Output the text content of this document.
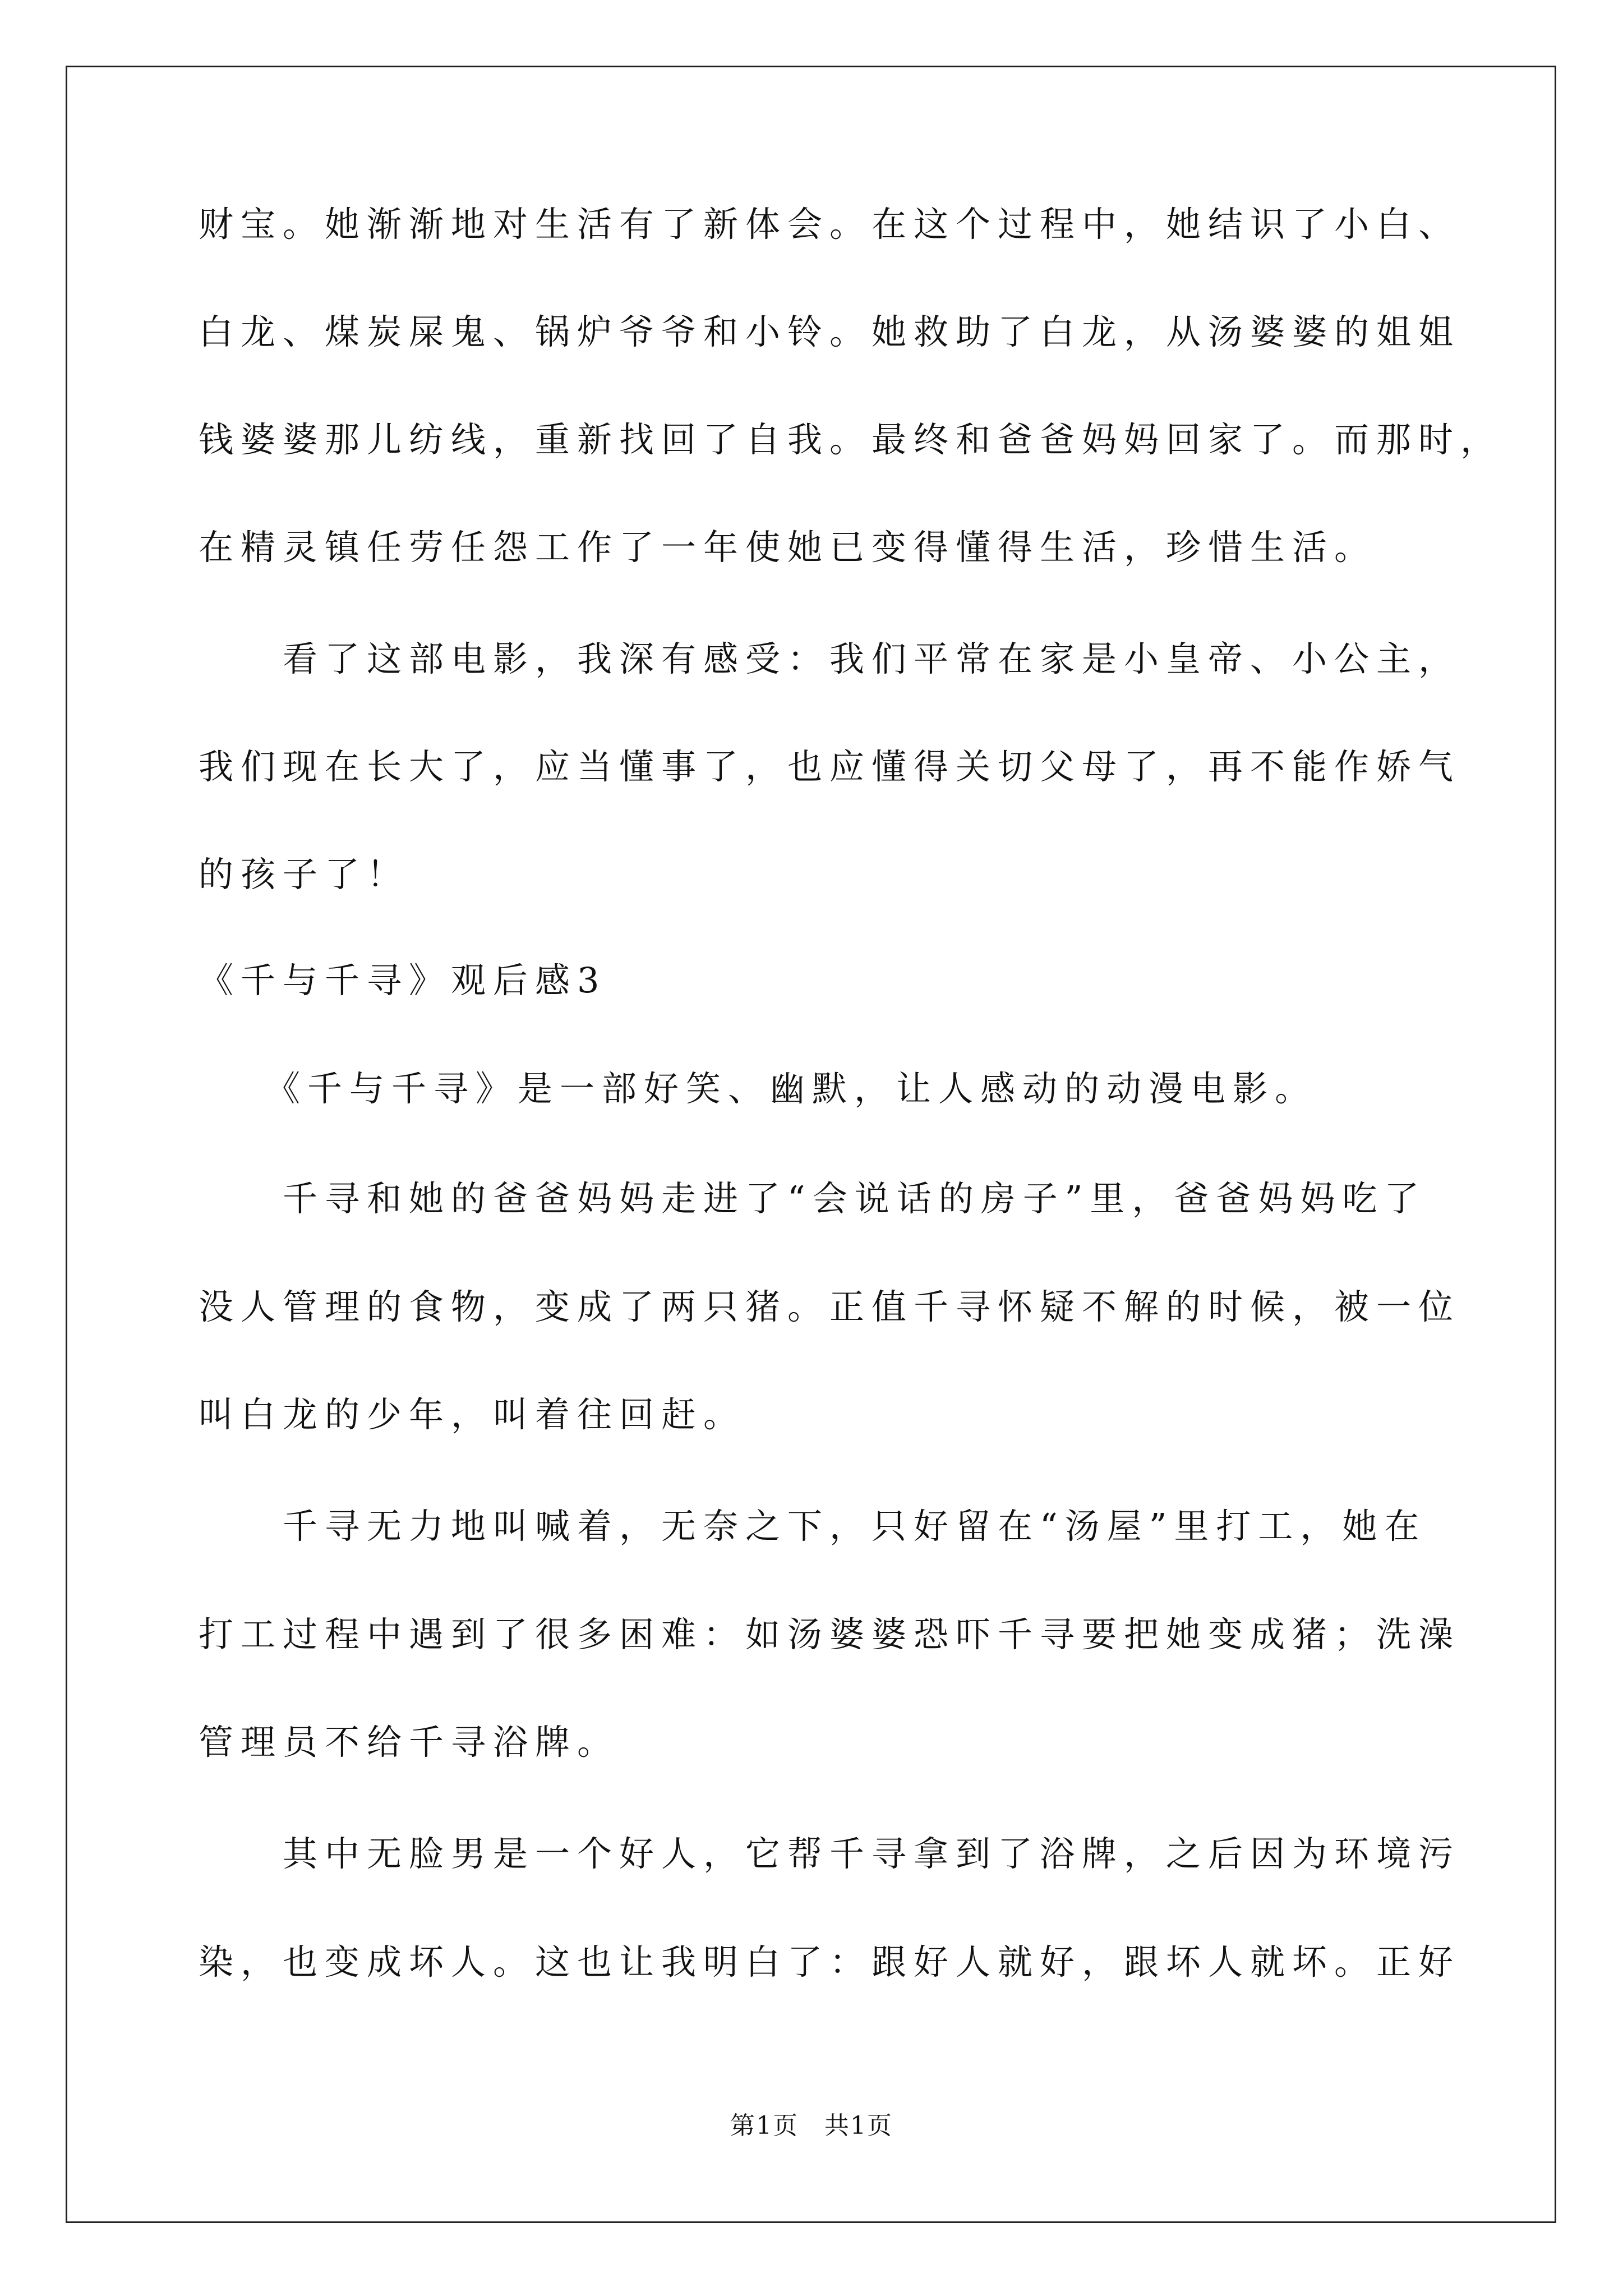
财宝。她渐渐地对生活有了新体会。在这个过程中，她结识了小白、
白龙、煤炭屎鬼、锅炉爷爷和小铃。她救助了白龙，从汤婆婆的姐姐
钱婆婆那儿纺线，重新找回了自我。最终和爸爸妈妈回家了。而那时，
在精灵镇任劳任怨工作了一年使她已变得懂得生活，珍惜生活。
　　看了这部电影，我深有感受：我们平常在家是小皇帝、小公主，
我们现在长大了，应当懂事了，也应懂得关切父母了，再不能作娇气
的孩子了！
《千与千寻》观后感3
　　《千与千寻》是一部好笑、幽默，让人感动的动漫电影。
　　千寻和她的爸爸妈妈走进了“会说话的房子”里，爸爸妈妈吃了
没人管理的食物，变成了两只猪。正值千寻怀疑不解的时候，被一位
叫白龙的少年，叫着往回赶。
　　千寻无力地叫喊着，无奈之下，只好留在“汤屋”里打工，她在
打工过程中遇到了很多困难：如汤婆婆恐吓千寻要把她变成猪；洗澡
管理员不给千寻浴牌。
　　其中无脸男是一个好人，它帮千寻拿到了浴牌，之后因为环境污
染，也变成坏人。这也让我明白了：跟好人就好，跟坏人就坏。正好
第1页　共1页
